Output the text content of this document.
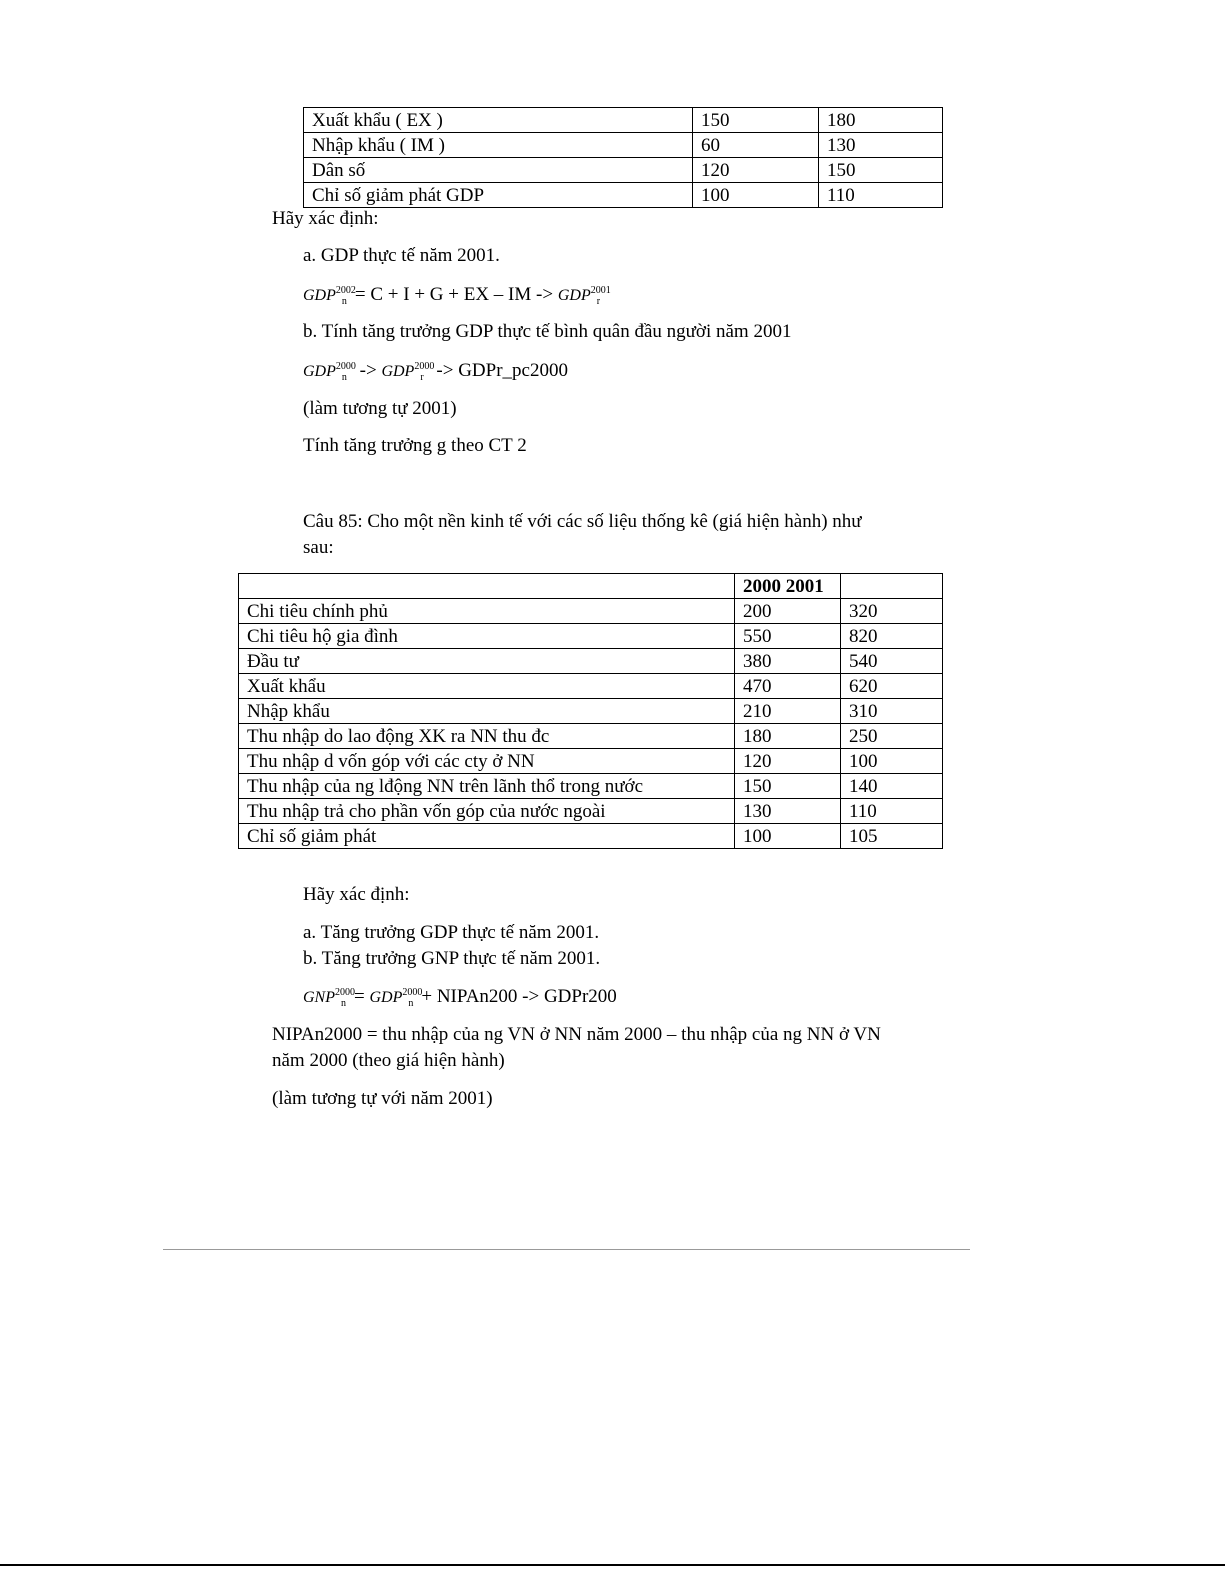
Xuất khẩu ( EX )	150	180
Nhập khẩu ( IM )	60	130
Dân số	120	150
Chỉ số giảm phát GDP	100	110
Hãy xác định:
a. GDP thực tế năm 2001.
$GDP^{2002}_n = C + I + G$ + EX – IM -> $GDP^{2001}_r$
b. Tính tăng trưởng GDP thực tế bình quân đầu người năm 2001
$GDP^{2000}_n -> GDP^{2000}_r$ -> GDPr_pc2000
(làm tương tự 2001)
Tính tăng trưởng g theo CT 2
Câu 85: Cho một nền kinh tế với các số liệu thống kê (giá hiện hành) như
sau:
	2000 2001	
Chi tiêu chính phủ	200	320
Chi tiêu hộ gia đình	550	820
Đầu tư	380	540
Xuất khẩu	470	620
Nhập khẩu	210	310
Thu nhập do lao động XK ra NN thu đc	180	250
Thu nhập d vốn góp với các cty ở NN	120	100
Thu nhập của ng lđộng NN trên lãnh thổ trong nước	150	140
Thu nhập trả cho phần vốn góp của nước ngoài	130	110
Chỉ số giảm phát	100	105
Hãy xác định:
a. Tăng trưởng GDP thực tế năm 2001.
b. Tăng trưởng GNP thực tế năm 2001.
$GNP^{2000}_n = GDP^{2000}_n$ + NIPAn200 -> GDPr200
NIPAn2000 = thu nhập của ng VN ở NN năm 2000 – thu nhập của ng NN ở VN
năm 2000 (theo giá hiện hành)
(làm tương tự với năm 2001)
